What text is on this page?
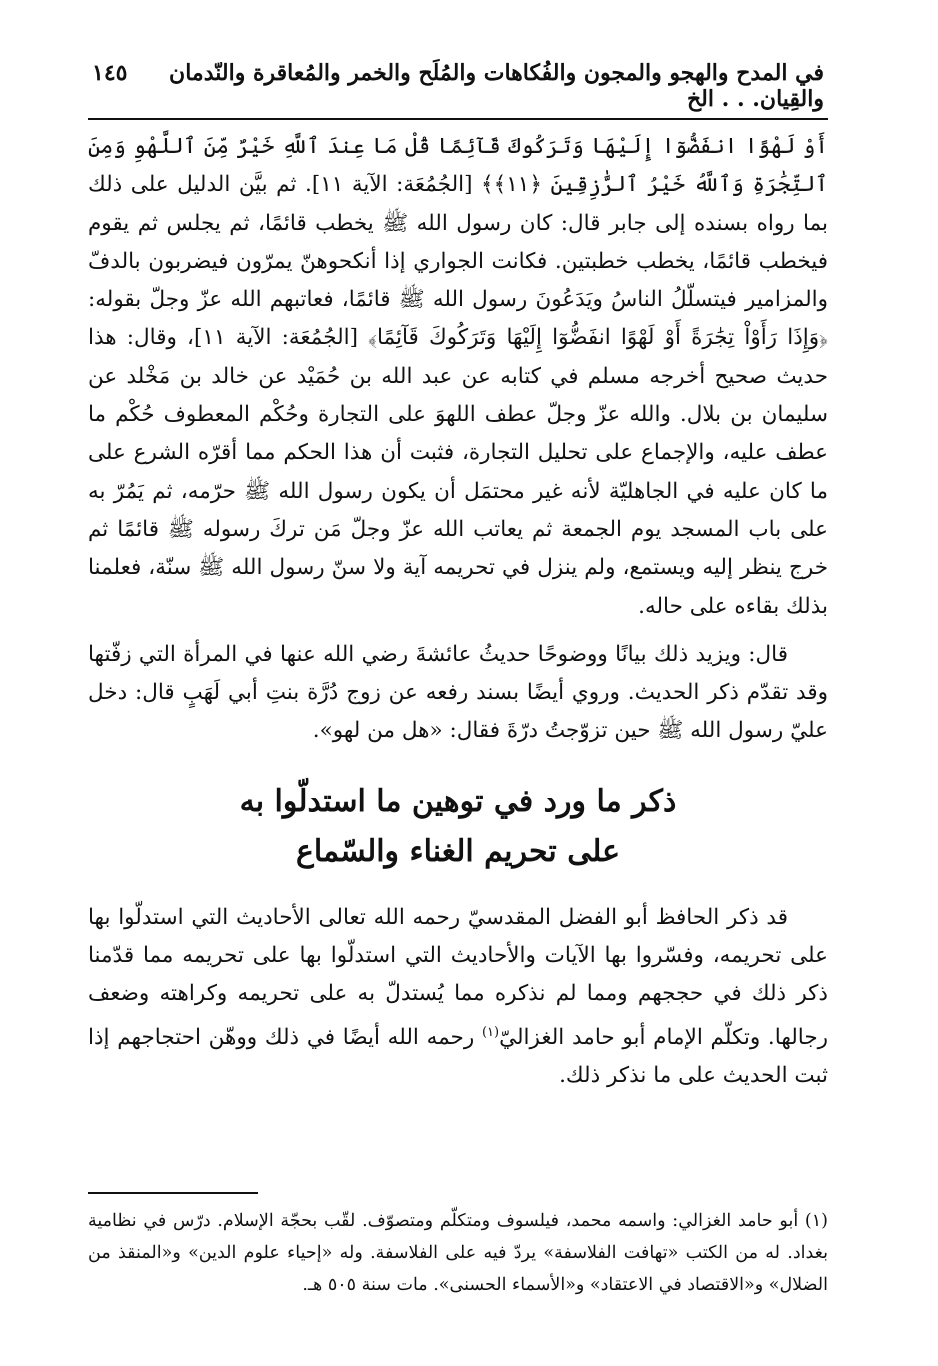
في المدح والهجو والمجون والفُكاهات والمُلَح والخمر والمُعاقرة والنّدمان والقِيان. . . الخ
١٤٥

أَوْ لَهْوًا انفَضُّوٓا إِلَيْهَا وَتَرَكُوكَ قَآئِمًا قُلْ مَا عِندَ ٱللَّهِ خَيْرٌ مِّنَ ٱللَّهْوِ وَمِنَ ٱلتِّجَٰرَةِ وَٱللَّهُ خَيْرُ ٱلرَّٰزِقِينَ ﴿١١﴾﴾ [الجُمُعَة: الآية ١١]. ثم بيَّن الدليل على ذلك بما رواه بسنده إلى جابر قال: كان رسول الله ﷺ يخطب قائمًا، ثم يجلس ثم يقوم فيخطب قائمًا، يخطب خطبتين. فكانت الجواري إذا أنكحوهنّ يمرّون فيضربون بالدفّ والمزامير فيتسلّلُ الناسُ ويَدَعُونَ رسول الله ﷺ قائمًا، فعاتبهم الله عزّ وجلّ بقوله: ﴿وَإِذَا رَأَوْاْ تِجَٰرَةً أَوْ لَهْوًا انفَضُّوٓا إِلَيْهَا وَتَرَكُوكَ قَآئِمًا﴾ [الجُمُعَة: الآية ١١]، وقال: هذا حديث صحيح أخرجه مسلم في كتابه عن عبد الله بن حُمَيْد عن خالد بن مَخْلد عن سليمان بن بلال. والله عزّ وجلّ عطف اللهوَ على التجارة وحُكْم المعطوف حُكْم ما عطف عليه، والإجماع على تحليل التجارة، فثبت أن هذا الحكم مما أقرّه الشرع على ما كان عليه في الجاهليّة لأنه غير محتمَل أن يكون رسول الله ﷺ حرّمه، ثم يَمُرّ به على باب المسجد يوم الجمعة ثم يعاتب الله عزّ وجلّ مَن تركَ رسوله ﷺ قائمًا ثم خرج ينظر إليه ويستمع، ولم ينزل في تحريمه آية ولا سنّ رسول الله ﷺ سنّة، فعلمنا بذلك بقاءه على حاله.

قال: ويزيد ذلك بيانًا ووضوحًا حديثُ عائشةَ رضي الله عنها في المرأة التي زفّتها وقد تقدّم ذكر الحديث. وروي أيضًا بسند رفعه عن زوج دُرَّة بنتِ أبي لَهَبٍ قال: دخل عليّ رسول الله ﷺ حين تزوّجتُ درّةَ فقال: «هل من لهو».

ذكر ما ورد في توهين ما استدلّوا به
على تحريم الغناء والسّماع

قد ذكر الحافظ أبو الفضل المقدسيّ رحمه الله تعالى الأحاديث التي استدلّوا بها على تحريمه، وفسّروا بها الآيات والأحاديث التي استدلّوا بها على تحريمه مما قدّمنا ذكر ذلك في حججهم ومما لم نذكره مما يُستدلّ به على تحريمه وكراهته وضعف رجالها. وتكلّم الإمام أبو حامد الغزاليّ$^{(١)}$ رحمه الله أيضًا في ذلك ووهّن احتجاجهم إذا ثبت الحديث على ما نذكر ذلك.

(١) أبو حامد الغزالي: واسمه محمد، فيلسوف ومتكلّم ومتصوّف. لقّب بحجّة الإسلام. درّس في نظامية بغداد. له من الكتب «تهافت الفلاسفة» يردّ فيه على الفلاسفة. وله «إحياء علوم الدين» و«المنقذ من الضلال» و«الاقتصاد في الاعتقاد» و«الأسماء الحسنى». مات سنة ٥٠٥ هـ.
